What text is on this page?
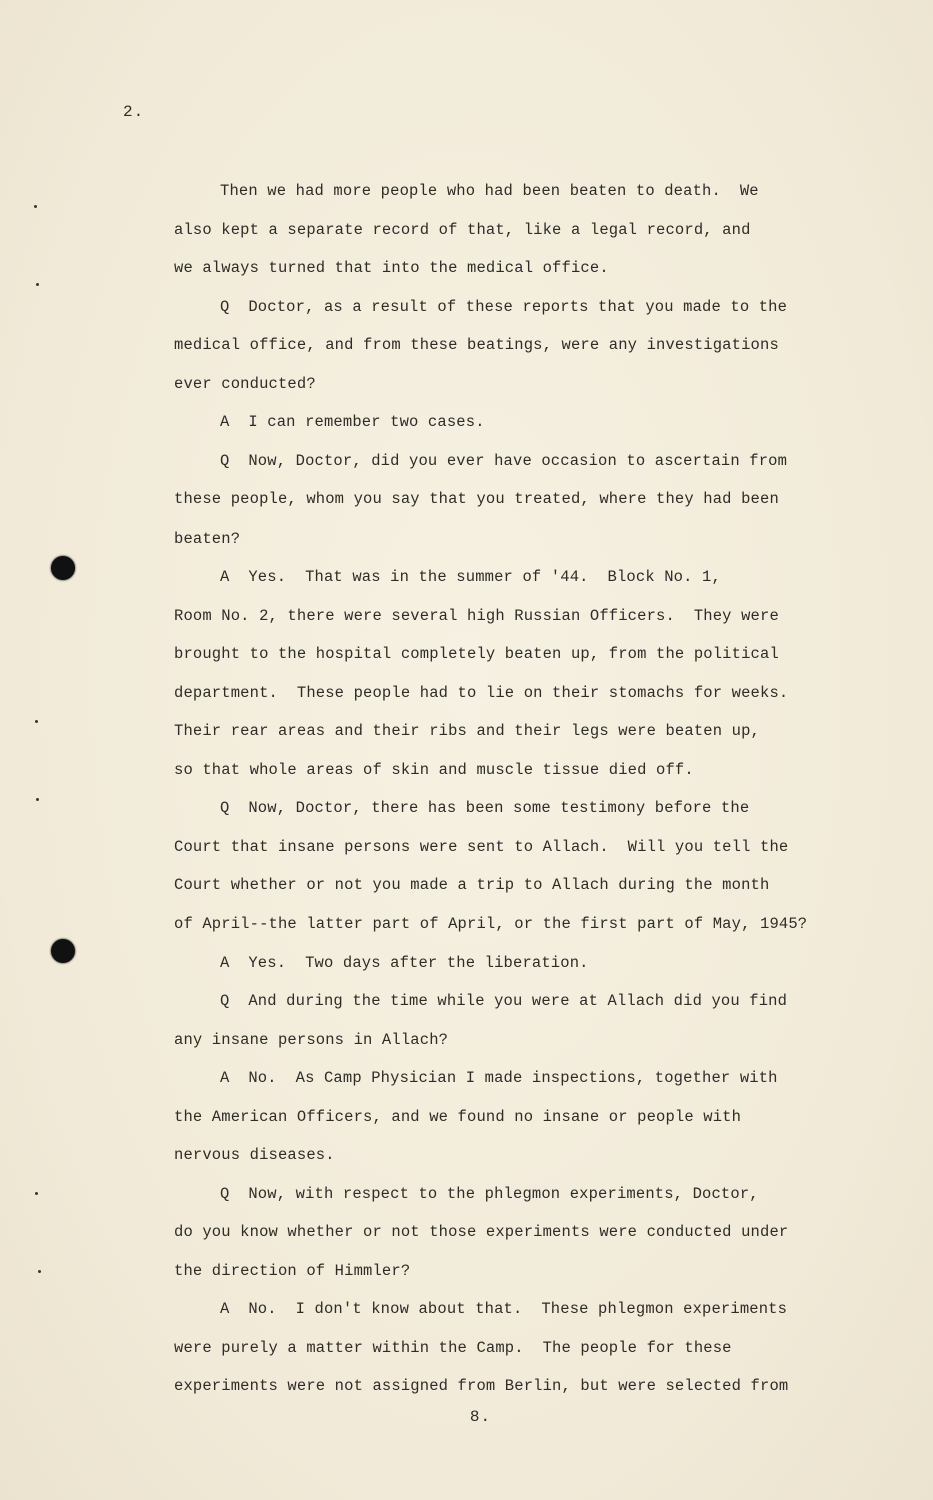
2.
Then we had more people who had been beaten to death.  We
also kept a separate record of that, like a legal record, and
we always turned that into the medical office.
Q  Doctor, as a result of these reports that you made to the
medical office, and from these beatings, were any investigations
ever conducted?
A  I can remember two cases.
Q  Now, Doctor, did you ever have occasion to ascertain from
these people, whom you say that you treated, where they had been
beaten?
A  Yes.  That was in the summer of '44.  Block No. 1,
Room No. 2, there were several high Russian Officers.  They were
brought to the hospital completely beaten up, from the political
department.  These people had to lie on their stomachs for weeks.
Their rear areas and their ribs and their legs were beaten up,
so that whole areas of skin and muscle tissue died off.
Q  Now, Doctor, there has been some testimony before the
Court that insane persons were sent to Allach.  Will you tell the
Court whether or not you made a trip to Allach during the month
of April--the latter part of April, or the first part of May, 1945?
A  Yes.  Two days after the liberation.
Q  And during the time while you were at Allach did you find
any insane persons in Allach?
A  No.  As Camp Physician I made inspections, together with
the American Officers, and we found no insane or people with
nervous diseases.
Q  Now, with respect to the phlegmon experiments, Doctor,
do you know whether or not those experiments were conducted under
the direction of Himmler?
A  No.  I don't know about that.  These phlegmon experiments
were purely a matter within the Camp.  The people for these
experiments were not assigned from Berlin, but were selected from
8.
